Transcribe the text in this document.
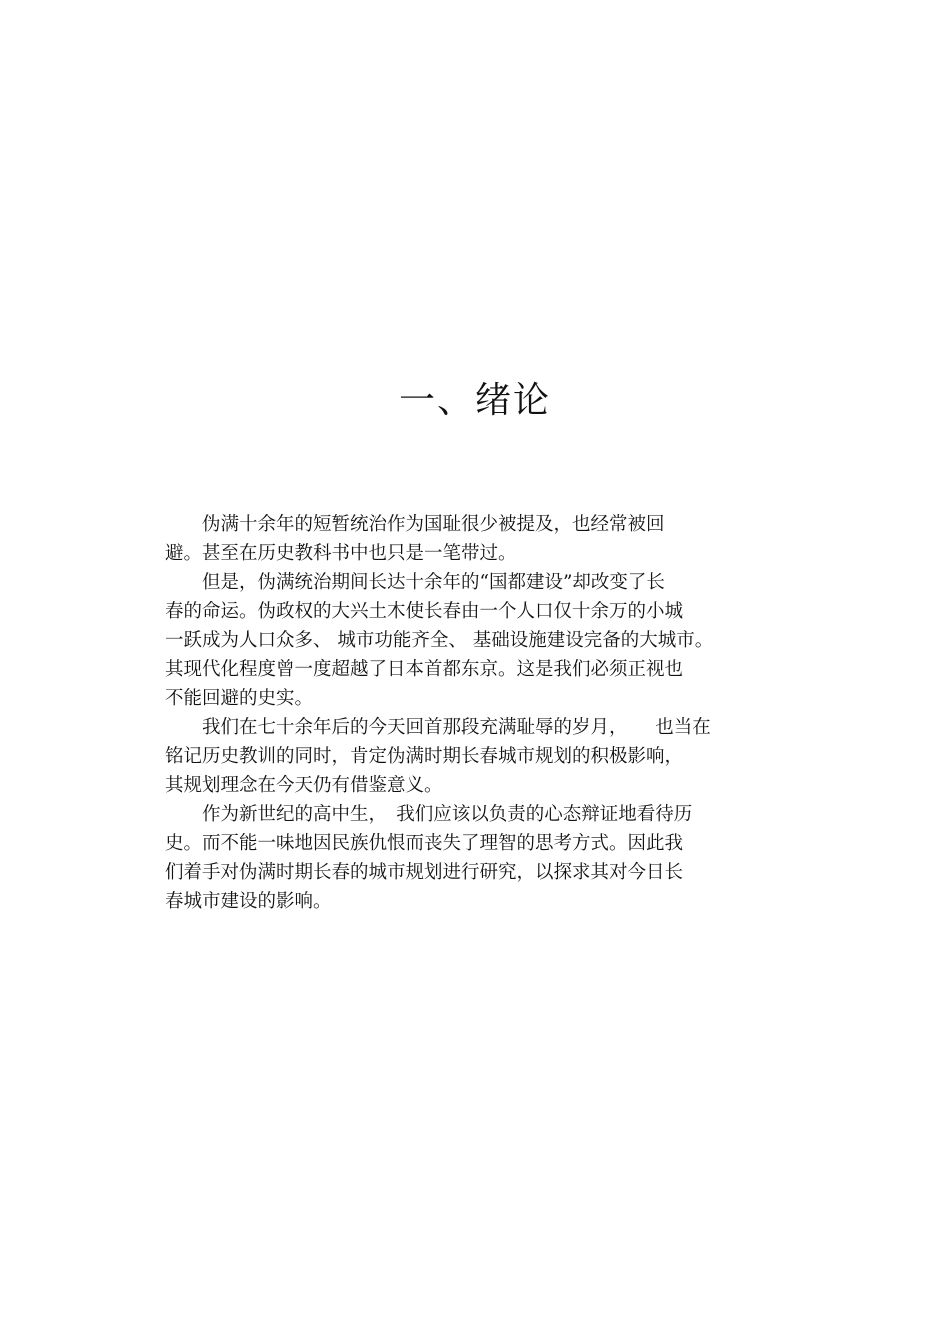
一、绪论
　　伪满十余年的短暂统治作为国耻很少被提及，也经常被回
避。甚至在历史教科书中也只是一笔带过。
　　但是，伪满统治期间长达十余年的“国都建设”却改变了长
春的命运。伪政权的大兴土木使长春由一个人口仅十余万的小城
一跃成为人口众多、 城市功能齐全、 基础设施建设完备的大城市。
其现代化程度曾一度超越了日本首都东京。这是我们必须正视也
不能回避的史实。
　　我们在七十余年后的今天回首那段充满耻辱的岁月，　　也当在
铭记历史教训的同时，肯定伪满时期长春城市规划的积极影响，
其规划理念在今天仍有借鉴意义。
　　作为新世纪的高中生，　我们应该以负责的心态辩证地看待历
史。而不能一味地因民族仇恨而丧失了理智的思考方式。因此我
们着手对伪满时期长春的城市规划进行研究，以探求其对今日长
春城市建设的影响。
